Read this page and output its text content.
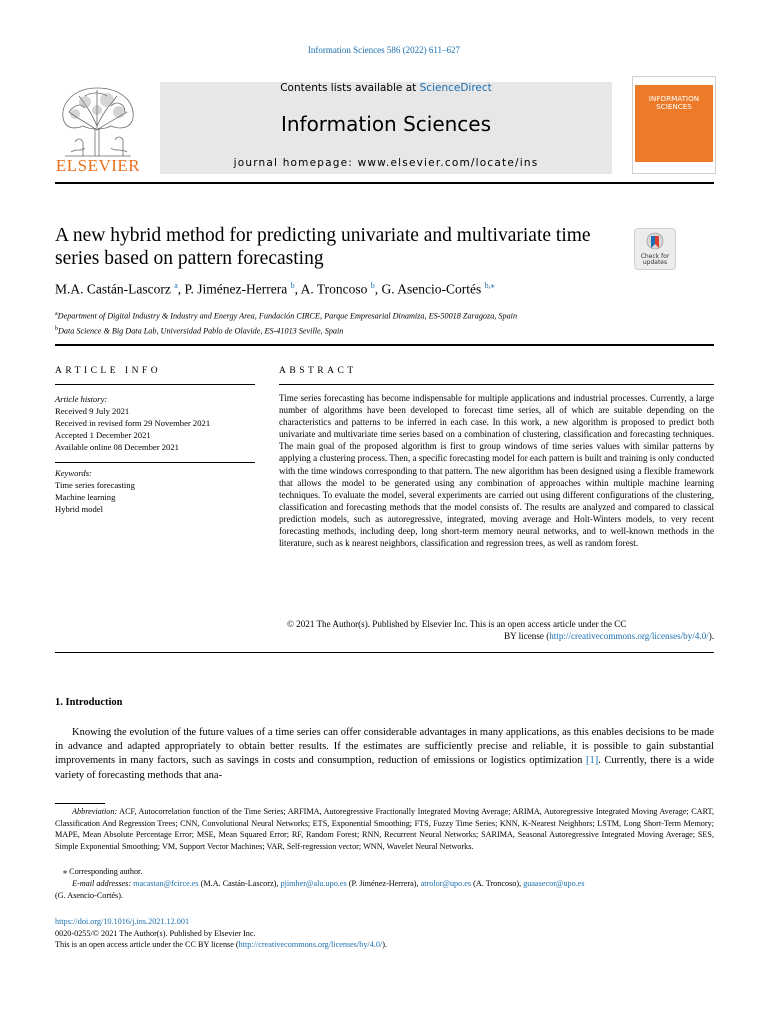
Information Sciences 586 (2022) 611–627
ELSEVIER
Contents lists available at ScienceDirect
Information Sciences
journal homepage: www.elsevier.com/locate/ins
INFORMATION
SCIENCES
A new hybrid method for predicting univariate and multivariate time series based on pattern forecasting	Check for
updates
M.A. Castán-Lascorz $^a$, P. Jiménez-Herrera $^b$, A. Troncoso $^b$, G. Asencio-Cortés $^{b,⁎}$
$^a$Department of Digital Industry & Industry and Energy Area, Fundación CIRCE, Parque Empresarial Dinamiza, ES-50018 Zaragoza, Spain
$^b$Data Science & Big Data Lab, Universidad Pablo de Olavide, ES-41013 Seville, Spain
ARTICLE INFO
Article history:
Received 9 July 2021
Received in revised form 29 November 2021
Accepted 1 December 2021
Available online 08 December 2021
Keywords:
Time series forecasting
Machine learning
Hybrid model
ABSTRACT
Time series forecasting has become indispensable for multiple applications and industrial processes. Currently, a large number of algorithms have been developed to forecast time series, all of which are suitable depending on the characteristics and patterns to be inferred in each case. In this work, a new algorithm is proposed to predict both univariate and multivariate time series based on a combination of clustering, classification and forecasting techniques. The main goal of the proposed algorithm is first to group windows of time series values with similar patterns by applying a clustering process. Then, a specific forecasting model for each pattern is built and training is only conducted with the time windows corresponding to that pattern. The new algorithm has been designed using a flexible framework that allows the model to be generated using any combination of approaches within multiple machine learning techniques. To evaluate the model, several experiments are carried out using different configurations of the clustering, classification and forecasting methods that the model consists of. The results are analyzed and compared to classical prediction models, such as autoregressive, integrated, moving average and Holt-Winters models, to very recent forecasting methods, including deep, long short-term memory neural networks, and to well-known methods in the literature, such as k nearest neighbors, classification and regression trees, as well as random forest.
© 2021 The Author(s). Published by Elsevier Inc. This is an open access article under the CC
BY license (http://creativecommons.org/licenses/by/4.0/).
1. Introduction
Knowing the evolution of the future values of a time series can offer considerable advantages in many applications, as this enables decisions to be made in advance and adapted appropriately to obtain better results. If the estimates are sufficiently precise and reliable, it is possible to gain substantial improvements in many factors, such as savings in costs and consumption, reduction of emissions or logistics optimization [1]. Currently, there is a wide variety of forecasting methods that ana-
Abbreviation: ACF, Autocorrelation function of the Time Series; ARFIMA, Autoregressive Fractionally Integrated Moving Average; ARIMA, Autoregressive Integrated Moving Average; CART, Classification And Regression Trees; CNN, Convolutional Neural Networks; ETS, Exponential Smoothing; FTS, Fuzzy Time Series; KNN, K-Nearest Neighbors; LSTM, Long Short-Term Memory; MAPE, Mean Absolute Percentage Error; MSE, Mean Squared Error; RF, Random Forest; RNN, Recurrent Neural Networks; SARIMA, Seasonal Autoregressive Integrated Moving Average; SES, Simple Exponential Smoothing; VM, Support Vector Machines; VAR, Self-regression vector; WNN, Wavelet Neural Networks.
⁎ Corresponding author.
E-mail addresses: macastan@fcirce.es (M.A. Castán-Lascorz), pjimher@alu.upo.es (P. Jiménez-Herrera), atrolor@upo.es (A. Troncoso), guaasecor@upo.es
(G. Asencio-Cortés).
https://doi.org/10.1016/j.ins.2021.12.001
0020-0255/© 2021 The Author(s). Published by Elsevier Inc.
This is an open access article under the CC BY license (http://creativecommons.org/licenses/by/4.0/).
